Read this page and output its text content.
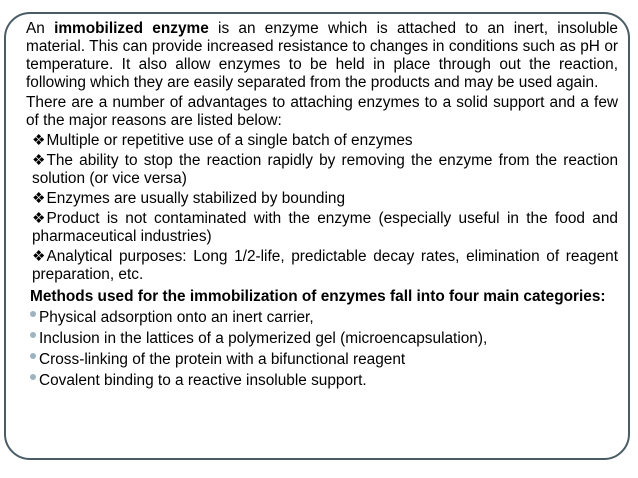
An immobilized enzyme is an enzyme which is attached to an inert, insoluble material. This can provide increased resistance to changes in conditions such as pH or temperature. It also allow enzymes to be held in place through out the reaction, following which they are easily separated from the products and may be used again.

There are a number of advantages to attaching enzymes to a solid support and a few of the major reasons are listed below:

❖Multiple or repetitive use of a single batch of enzymes
❖The ability to stop the reaction rapidly by removing the enzyme from the reaction solution (or vice versa)
❖Enzymes are usually stabilized by bounding
❖Product is not contaminated with the enzyme (especially useful in the food and pharmaceutical industries)
❖Analytical purposes: Long 1/2-life, predictable decay rates, elimination of reagent preparation, etc.

Methods used for the immobilization of enzymes fall into four main categories:

Physical adsorption onto an inert carrier,
Inclusion in the lattices of a polymerized gel (microencapsulation),
Cross-linking of the protein with a bifunctional reagent
Covalent binding to a reactive insoluble support.
